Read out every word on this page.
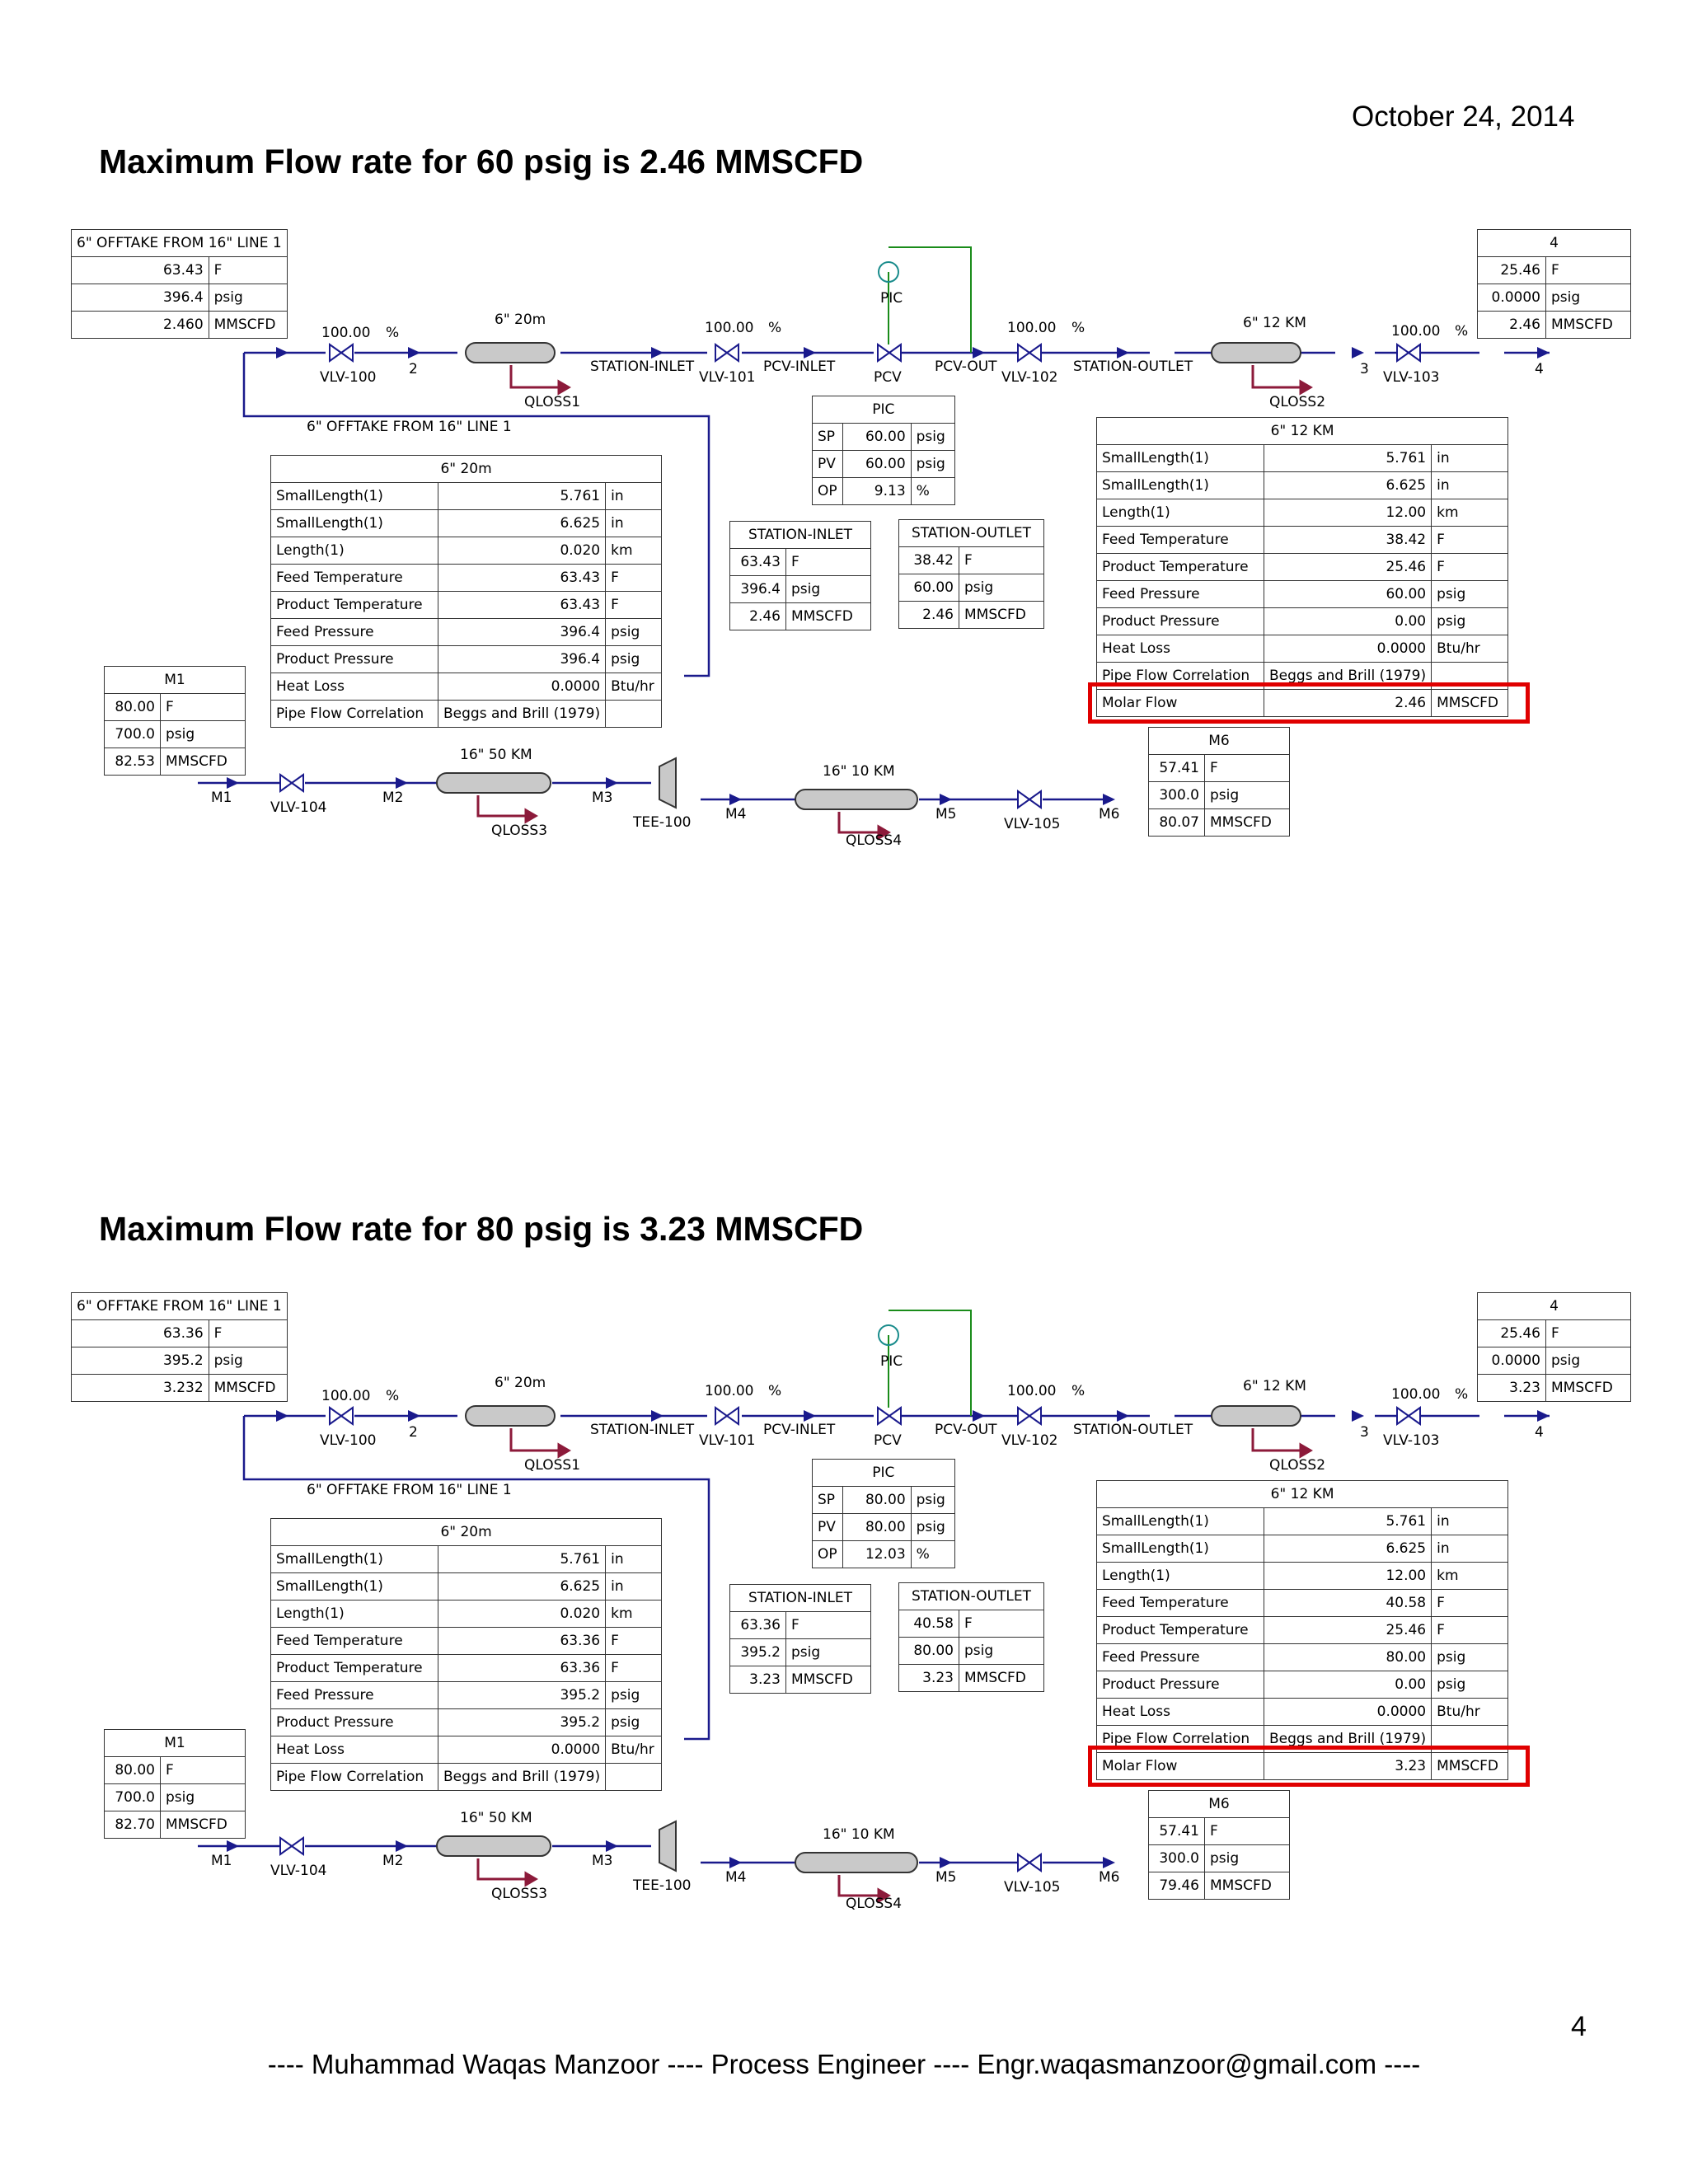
October 24, 2014
Maximum Flow rate for 60 psig is 2.46 MMSCFD
Maximum Flow rate for 80 psig is 3.23 MMSCFD
6" OFFTAKE FROM 16" LINE 1	
63.43	F
396.4	psig
2.460	MMSCFD
4	
25.46	F
0.0000	psig
2.46	MMSCFD
PIC		
SP	60.00	psig
PV	60.00	psig
OP	9.13	%
STATION-INLET	
63.43	F
396.4	psig
2.46	MMSCFD
STATION-OUTLET	
38.42	F
60.00	psig
2.46	MMSCFD
6" 20m		
SmallLength(1)	5.761	in
SmallLength(1)	6.625	in
Length(1)	0.020	km
Feed Temperature	63.43	F
Product Temperature	63.43	F
Feed Pressure	396.4	psig
Product Pressure	396.4	psig
Heat Loss	0.0000	Btu/hr
Pipe Flow Correlation	Beggs and Brill (1979)	
6" 12 KM		
SmallLength(1)	5.761	in
SmallLength(1)	6.625	in
Length(1)	12.00	km
Feed Temperature	38.42	F
Product Temperature	25.46	F
Feed Pressure	60.00	psig
Product Pressure	0.00	psig
Heat Loss	0.0000	Btu/hr
Pipe Flow Correlation	Beggs and Brill (1979)	
Molar Flow	2.46	MMSCFD
M1	
80.00	F
700.0	psig
82.53	MMSCFD
M6	
57.41	F
300.0	psig
80.07	MMSCFD
PIC
PCV
VLV-100	VLV-101	VLV-102	VLV-103
VLV-104
VLV-105
100.00 %	100.00 %	100.00 %	100.00 %
2	3	4
STATION-INLET	PCV-INLET	PCV-OUT	STATION-OUTLET
6" 20m	6" 12 KM
16" 50 KM
16" 10 KM
QLOSS1	QLOSS2
QLOSS3
QLOSS4
6" OFFTAKE FROM 16" LINE 1
M1	M2	M3
M4	M5	M6
TEE-100
6" OFFTAKE FROM 16" LINE 1	
63.36	F
395.2	psig
3.232	MMSCFD
4	
25.46	F
0.0000	psig
3.23	MMSCFD
PIC		
SP	80.00	psig
PV	80.00	psig
OP	12.03	%
STATION-INLET	
63.36	F
395.2	psig
3.23	MMSCFD
STATION-OUTLET	
40.58	F
80.00	psig
3.23	MMSCFD
6" 20m		
SmallLength(1)	5.761	in
SmallLength(1)	6.625	in
Length(1)	0.020	km
Feed Temperature	63.36	F
Product Temperature	63.36	F
Feed Pressure	395.2	psig
Product Pressure	395.2	psig
Heat Loss	0.0000	Btu/hr
Pipe Flow Correlation	Beggs and Brill (1979)	
6" 12 KM		
SmallLength(1)	5.761	in
SmallLength(1)	6.625	in
Length(1)	12.00	km
Feed Temperature	40.58	F
Product Temperature	25.46	F
Feed Pressure	80.00	psig
Product Pressure	0.00	psig
Heat Loss	0.0000	Btu/hr
Pipe Flow Correlation	Beggs and Brill (1979)	
Molar Flow	3.23	MMSCFD
M1	
80.00	F
700.0	psig
82.70	MMSCFD
M6	
57.41	F
300.0	psig
79.46	MMSCFD
PIC
PCV
VLV-100	VLV-101	VLV-102	VLV-103
VLV-104
VLV-105
100.00 %	100.00 %	100.00 %	100.00 %
2	3	4
STATION-INLET	PCV-INLET	PCV-OUT	STATION-OUTLET
6" 20m	6" 12 KM
16" 50 KM
16" 10 KM
QLOSS1	QLOSS2
QLOSS3
QLOSS4
6" OFFTAKE FROM 16" LINE 1
M1	M2	M3
M4	M5	M6
TEE-100
4
---- Muhammad Waqas Manzoor ---- Process Engineer ---- Engr.waqasmanzoor@gmail.com ----
